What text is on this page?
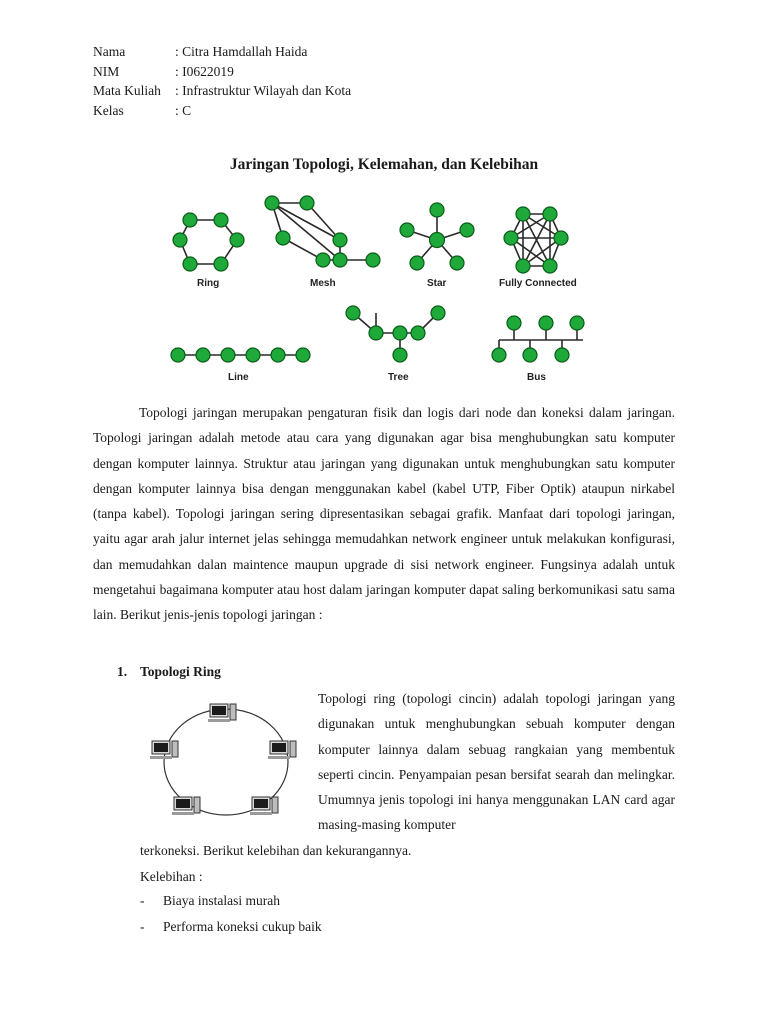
Nama	: Citra Hamdallah Haida
NIM	: I0622019
Mata Kuliah	: Infrastruktur Wilayah dan Kota
Kelas	: C
Jaringan Topologi, Kelemahan, dan Kelebihan
Ring	Mesh	Star	Fully Connected
Line	Tree	Bus

Topologi jaringan merupakan pengaturan fisik dan logis dari node dan koneksi dalam jaringan. Topologi jaringan adalah metode atau cara yang digunakan agar bisa menghubungkan satu komputer dengan komputer lainnya. Struktur atau jaringan yang digunakan untuk menghubungkan satu komputer dengan komputer lainnya bisa dengan menggunakan kabel (kabel UTP, Fiber Optik) ataupun nirkabel (tanpa kabel). Topologi jaringan sering dipresentasikan sebagai grafik. Manfaat dari topologi jaringan, yaitu agar arah jalur internet jelas sehingga memudahkan network engineer untuk melakukan konfigurasi, dan memudahkan dalan maintence maupun upgrade di sisi network engineer. Fungsinya adalah untuk mengetahui bagaimana komputer atau host dalam jaringan komputer dapat saling berkomunikasi satu sama lain. Berikut jenis-jenis topologi jaringan :

1. Topologi Ring

Topologi ring (topologi cincin) adalah topologi jaringan yang digunakan untuk menghubungkan sebuah komputer dengan komputer lainnya dalam sebuag rangkaian yang membentuk seperti cincin. Penyampaian pesan bersifat searah dan melingkar. Umumnya jenis topologi ini hanya menggunakan LAN card agar masing-masing komputer

terkoneksi. Berikut kelebihan dan kekurangannya.

Kelebihan :

-	Biaya instalasi murah
-	Performa koneksi cukup baik
